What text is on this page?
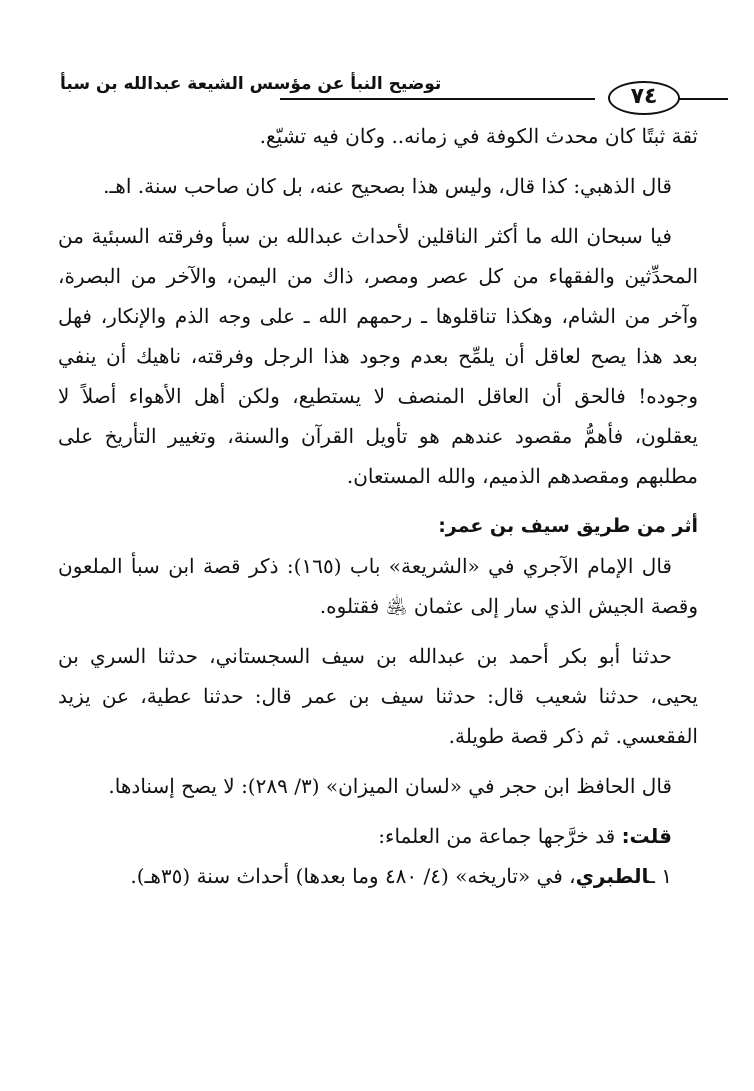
توضيح النبأ عن مؤسس الشيعة عبدالله بن سبأ	٧٤

ثقة ثبتًا كان محدث الكوفة في زمانه.. وكان فيه تشيّع.

قال الذهبي: كذا قال، وليس هذا بصحيح عنه، بل كان صاحب سنة. اهـ.

فيا سبحان الله ما أكثر الناقلين لأحداث عبدالله بن سبأ وفرقته السبئية من المحدِّثين والفقهاء من كل عصر ومصر، ذاك من اليمن، والآخر من البصرة، وآخر من الشام، وهكذا تناقلوها ـ رحمهم الله ـ على وجه الذم والإنكار، فهل بعد هذا يصح لعاقل أن يلمِّح بعدم وجود هذا الرجل وفرقته، ناهيك أن ينفي وجوده! فالحق أن العاقل المنصف لا يستطيع، ولكن أهل الأهواء أصلاً لا يعقلون، فأهمُّ مقصود عندهم هو تأويل القرآن والسنة، وتغيير التأريخ على مطلبهم ومقصدهم الذميم، والله المستعان.

أثر من طريق سيف بن عمر:

قال الإمام الآجري في «الشريعة» باب (١٦٥): ذكر قصة ابن سبأ الملعون وقصة الجيش الذي سار إلى عثمان ﵁ فقتلوه.

حدثنا أبو بكر أحمد بن عبدالله بن سيف السجستاني، حدثنا السري بن يحيى، حدثنا شعيب قال: حدثنا سيف بن عمر قال: حدثنا عطية، عن يزيد الفقعسي. ثم ذكر قصة طويلة.

قال الحافظ ابن حجر في «لسان الميزان» (٣/ ٢٨٩): لا يصح إسنادها.

قلت: قد خرَّجها جماعة من العلماء:

١ ـالطبري، في «تاريخه» (٤/ ٤٨٠ وما بعدها) أحداث سنة (٣٥هـ).
